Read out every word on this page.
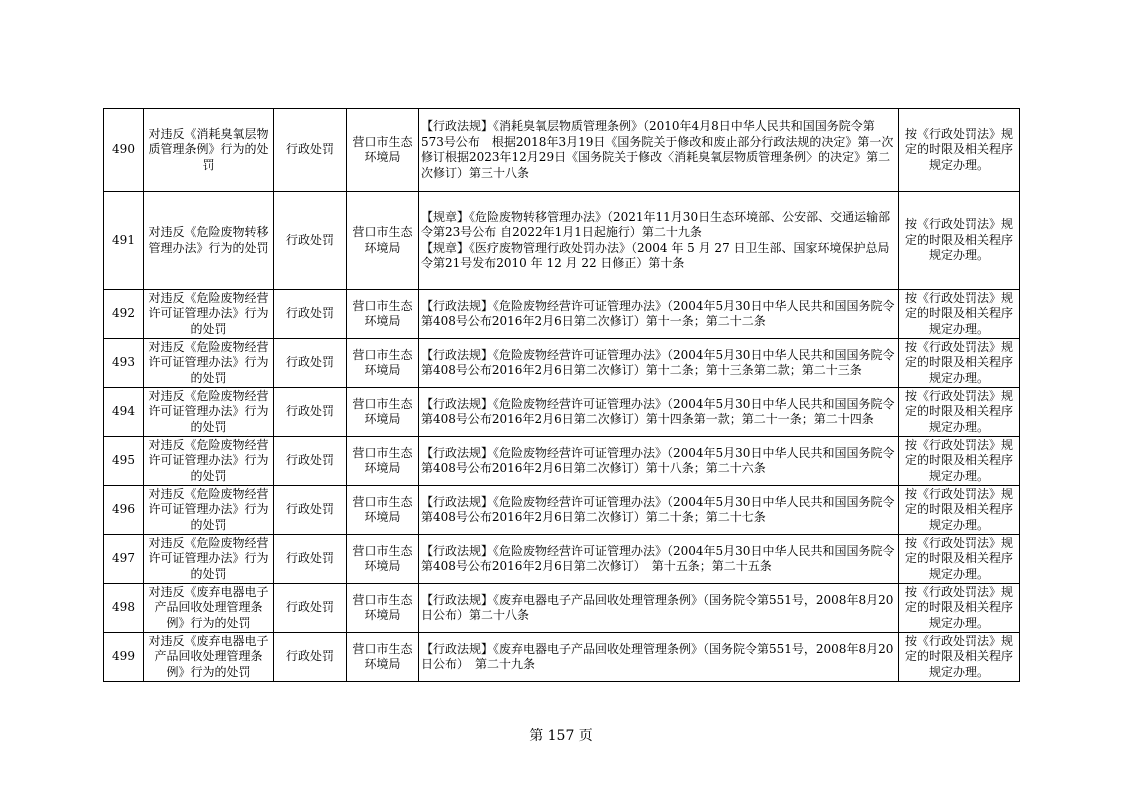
490	对违反《消耗臭氧层物质管理条例》行为的处罚	行政处罚	营口市生态环境局	【行政法规】《消耗臭氧层物质管理条例》（2010年4月8日中华人民共和国国务院令第573号公布　根据2018年3月19日《国务院关于修改和废止部分行政法规的决定》第一次修订根据2023年12月29日《国务院关于修改〈消耗臭氧层物质管理条例〉的决定》第二次修订）第三十八条	按《行政处罚法》规定的时限及相关程序规定办理。

491	对违反《危险废物转移管理办法》行为的处罚	行政处罚	营口市生态环境局	【规章】《危险废物转移管理办法》（2021年11月30日生态环境部、公安部、交通运输部令第23号公布 自2022年1月1日起施行）第二十九条
【规章】《医疗废物管理行政处罚办法》（2004 年 5 月 27 日卫生部、国家环境保护总局令第21号发布2010 年 12 月 22 日修正）第十条	按《行政处罚法》规定的时限及相关程序规定办理。

492	对违反《危险废物经营许可证管理办法》行为的处罚	行政处罚	营口市生态环境局	【行政法规】《危险废物经营许可证管理办法》（2004年5月30日中华人民共和国国务院令第408号公布2016年2月6日第二次修订）第十一条；第二十二条	按《行政处罚法》规定的时限及相关程序规定办理。

493	对违反《危险废物经营许可证管理办法》行为的处罚	行政处罚	营口市生态环境局	【行政法规】《危险废物经营许可证管理办法》（2004年5月30日中华人民共和国国务院令第408号公布2016年2月6日第二次修订）第十二条；第十三条第二款；第二十三条	按《行政处罚法》规定的时限及相关程序规定办理。

494	对违反《危险废物经营许可证管理办法》行为的处罚	行政处罚	营口市生态环境局	【行政法规】《危险废物经营许可证管理办法》（2004年5月30日中华人民共和国国务院令第408号公布2016年2月6日第二次修订）第十四条第一款；第二十一条；第二十四条	按《行政处罚法》规定的时限及相关程序规定办理。

495	对违反《危险废物经营许可证管理办法》行为的处罚	行政处罚	营口市生态环境局	【行政法规】《危险废物经营许可证管理办法》（2004年5月30日中华人民共和国国务院令第408号公布2016年2月6日第二次修订）第十八条；第二十六条	按《行政处罚法》规定的时限及相关程序规定办理。

496	对违反《危险废物经营许可证管理办法》行为的处罚	行政处罚	营口市生态环境局	【行政法规】《危险废物经营许可证管理办法》（2004年5月30日中华人民共和国国务院令第408号公布2016年2月6日第二次修订）第二十条；第二十七条	按《行政处罚法》规定的时限及相关程序规定办理。

497	对违反《危险废物经营许可证管理办法》行为的处罚	行政处罚	营口市生态环境局	【行政法规】《危险废物经营许可证管理办法》（2004年5月30日中华人民共和国国务院令第408号公布2016年2月6日第二次修订）　第十五条；第二十五条	按《行政处罚法》规定的时限及相关程序规定办理。

498	对违反《废弃电器电子产品回收处理管理条例》行为的处罚	行政处罚	营口市生态环境局	【行政法规】《废弃电器电子产品回收处理管理条例》（国务院令第551号，2008年8月20日公布）第二十八条	按《行政处罚法》规定的时限及相关程序规定办理。

499	对违反《废弃电器电子产品回收处理管理条例》行为的处罚	行政处罚	营口市生态环境局	【行政法规】《废弃电器电子产品回收处理管理条例》（国务院令第551号，2008年8月20日公布）　第二十九条	按《行政处罚法》规定的时限及相关程序规定办理。
第 157 页
